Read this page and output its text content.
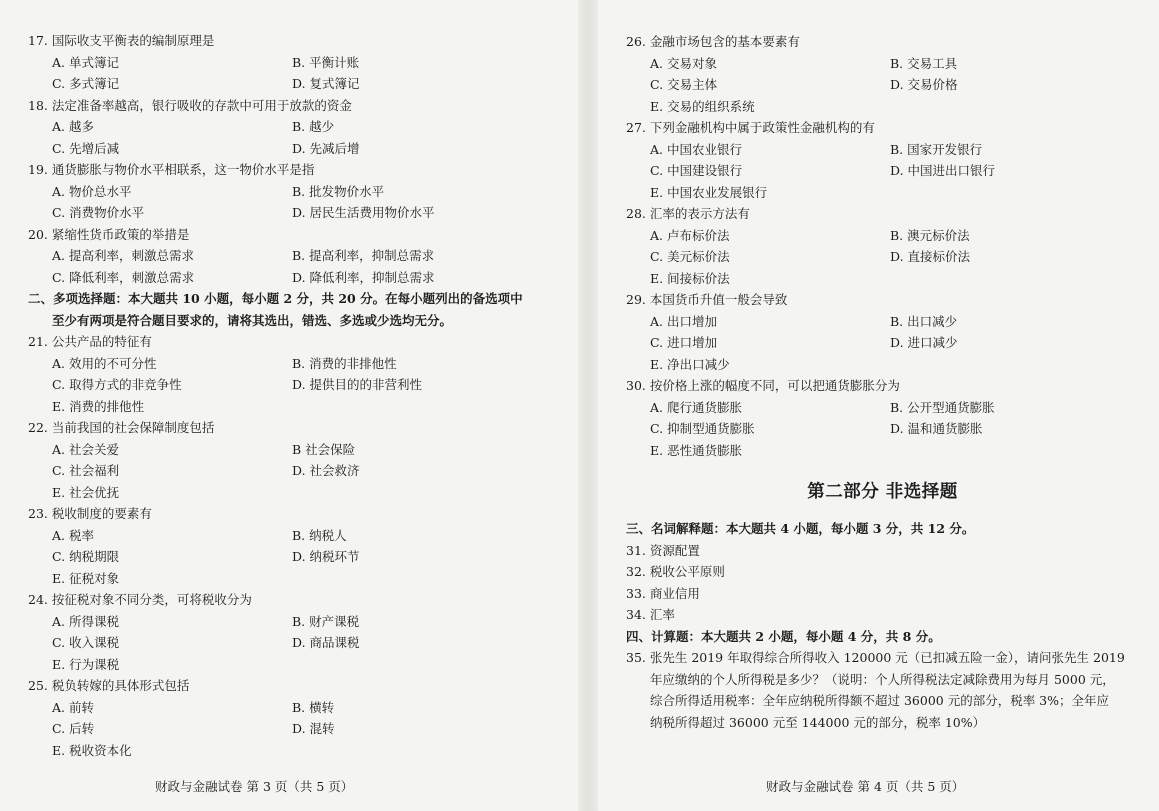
17. 国际收支平衡表的编制原理是

A. 单式簿记	B. 平衡计账
C. 多式簿记	D. 复式簿记

18. 法定准备率越高，银行吸收的存款中可用于放款的资金

A. 越多	B. 越少
C. 先增后减	D. 先减后增

19. 通货膨胀与物价水平相联系，这一物价水平是指

A. 物价总水平	B. 批发物价水平
C. 消费物价水平	D. 居民生活费用物价水平

20. 紧缩性货币政策的举措是

A. 提高利率，刺激总需求	B. 提高利率，抑制总需求
C. 降低利率，刺激总需求	D. 降低利率，抑制总需求

二、多项选择题：本大题共 10 小题，每小题 2 分，共 20 分。在每小题列出的备选项中

至少有两项是符合题目要求的，请将其选出，错选、多选或少选均无分。

21. 公共产品的特征有

A. 效用的不可分性	B. 消费的非排他性
C. 取得方式的非竞争性	D. 提供目的的非营利性
E. 消费的排他性

22. 当前我国的社会保障制度包括

A. 社会关爱	B 社会保险
C. 社会福利	D. 社会救济
E. 社会优抚

23. 税收制度的要素有

A. 税率	B. 纳税人
C. 纳税期限	D. 纳税环节
E. 征税对象

24. 按征税对象不同分类，可将税收分为

A. 所得课税	B. 财产课税
C. 收入课税	D. 商品课税
E. 行为课税

25. 税负转嫁的具体形式包括

A. 前转	B. 横转
C. 后转	D. 混转
E. 税收资本化
财政与金融试卷 第 3 页（共 5 页）

26. 金融市场包含的基本要素有

A. 交易对象	B. 交易工具
C. 交易主体	D. 交易价格
E. 交易的组织系统

27. 下列金融机构中属于政策性金融机构的有

A. 中国农业银行	B. 国家开发银行
C. 中国建设银行	D. 中国进出口银行
E. 中国农业发展银行

28. 汇率的表示方法有

A. 卢布标价法	B. 澳元标价法
C. 美元标价法	D. 直接标价法
E. 间接标价法

29. 本国货币升值一般会导致

A. 出口增加	B. 出口减少
C. 进口增加	D. 进口减少
E. 净出口减少

30. 按价格上涨的幅度不同，可以把通货膨胀分为

A. 爬行通货膨胀	B. 公开型通货膨胀
C. 抑制型通货膨胀	D. 温和通货膨胀
E. 恶性通货膨胀
第二部分 非选择题

三、名词解释题：本大题共 4 小题，每小题 3 分，共 12 分。

31. 资源配置

32. 税收公平原则

33. 商业信用

34. 汇率

四、计算题：本大题共 2 小题，每小题 4 分，共 8 分。

35. 张先生 2019 年取得综合所得收入 120000 元（已扣减五险一金），请问张先生 2019

年应缴纳的个人所得税是多少？（说明：个人所得税法定减除费用为每月 5000 元，

综合所得适用税率：全年应纳税所得额不超过 36000 元的部分，税率 3%；全年应

纳税所得超过 36000 元至 144000 元的部分，税率 10%）

财政与金融试卷 第 4 页（共 5 页）
